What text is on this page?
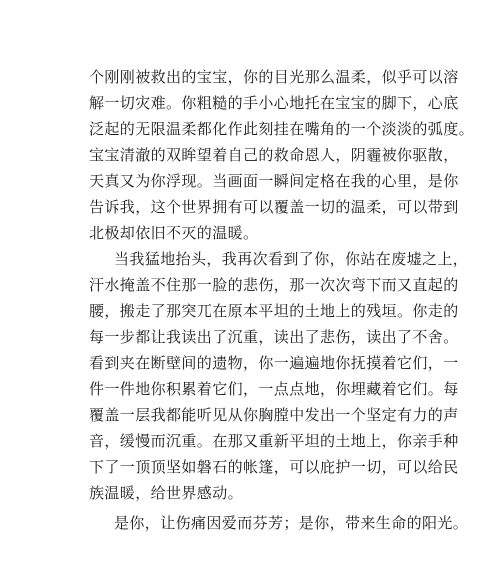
个刚刚被救出的宝宝，你的目光那么温柔，似乎可以溶
解一切灾难。你粗糙的手小心地托在宝宝的脚下，心底
泛起的无限温柔都化作此刻挂在嘴角的一个淡淡的弧度。
宝宝清澈的双眸望着自己的救命恩人，阴霾被你驱散，
天真又为你浮现。当画面一瞬间定格在我的心里，是你
告诉我，这个世界拥有可以覆盖一切的温柔，可以带到
北极却依旧不灭的温暖。
当我猛地抬头，我再次看到了你，你站在废墟之上，
汗水掩盖不住那一脸的悲伤，那一次次弯下而又直起的
腰，搬走了那突兀在原本平坦的土地上的残垣。你走的
每一步都让我读出了沉重，读出了悲伤，读出了不舍。
看到夹在断壁间的遗物，你一遍遍地你抚摸着它们，一
件一件地你积累着它们，一点点地，你埋藏着它们。每
覆盖一层我都能听见从你胸膛中发出一个坚定有力的声
音，缓慢而沉重。在那又重新平坦的土地上，你亲手种
下了一顶顶坚如磐石的帐篷，可以庇护一切，可以给民
族温暖，给世界感动。
是你，让伤痛因爱而芬芳；是你，带来生命的阳光。
